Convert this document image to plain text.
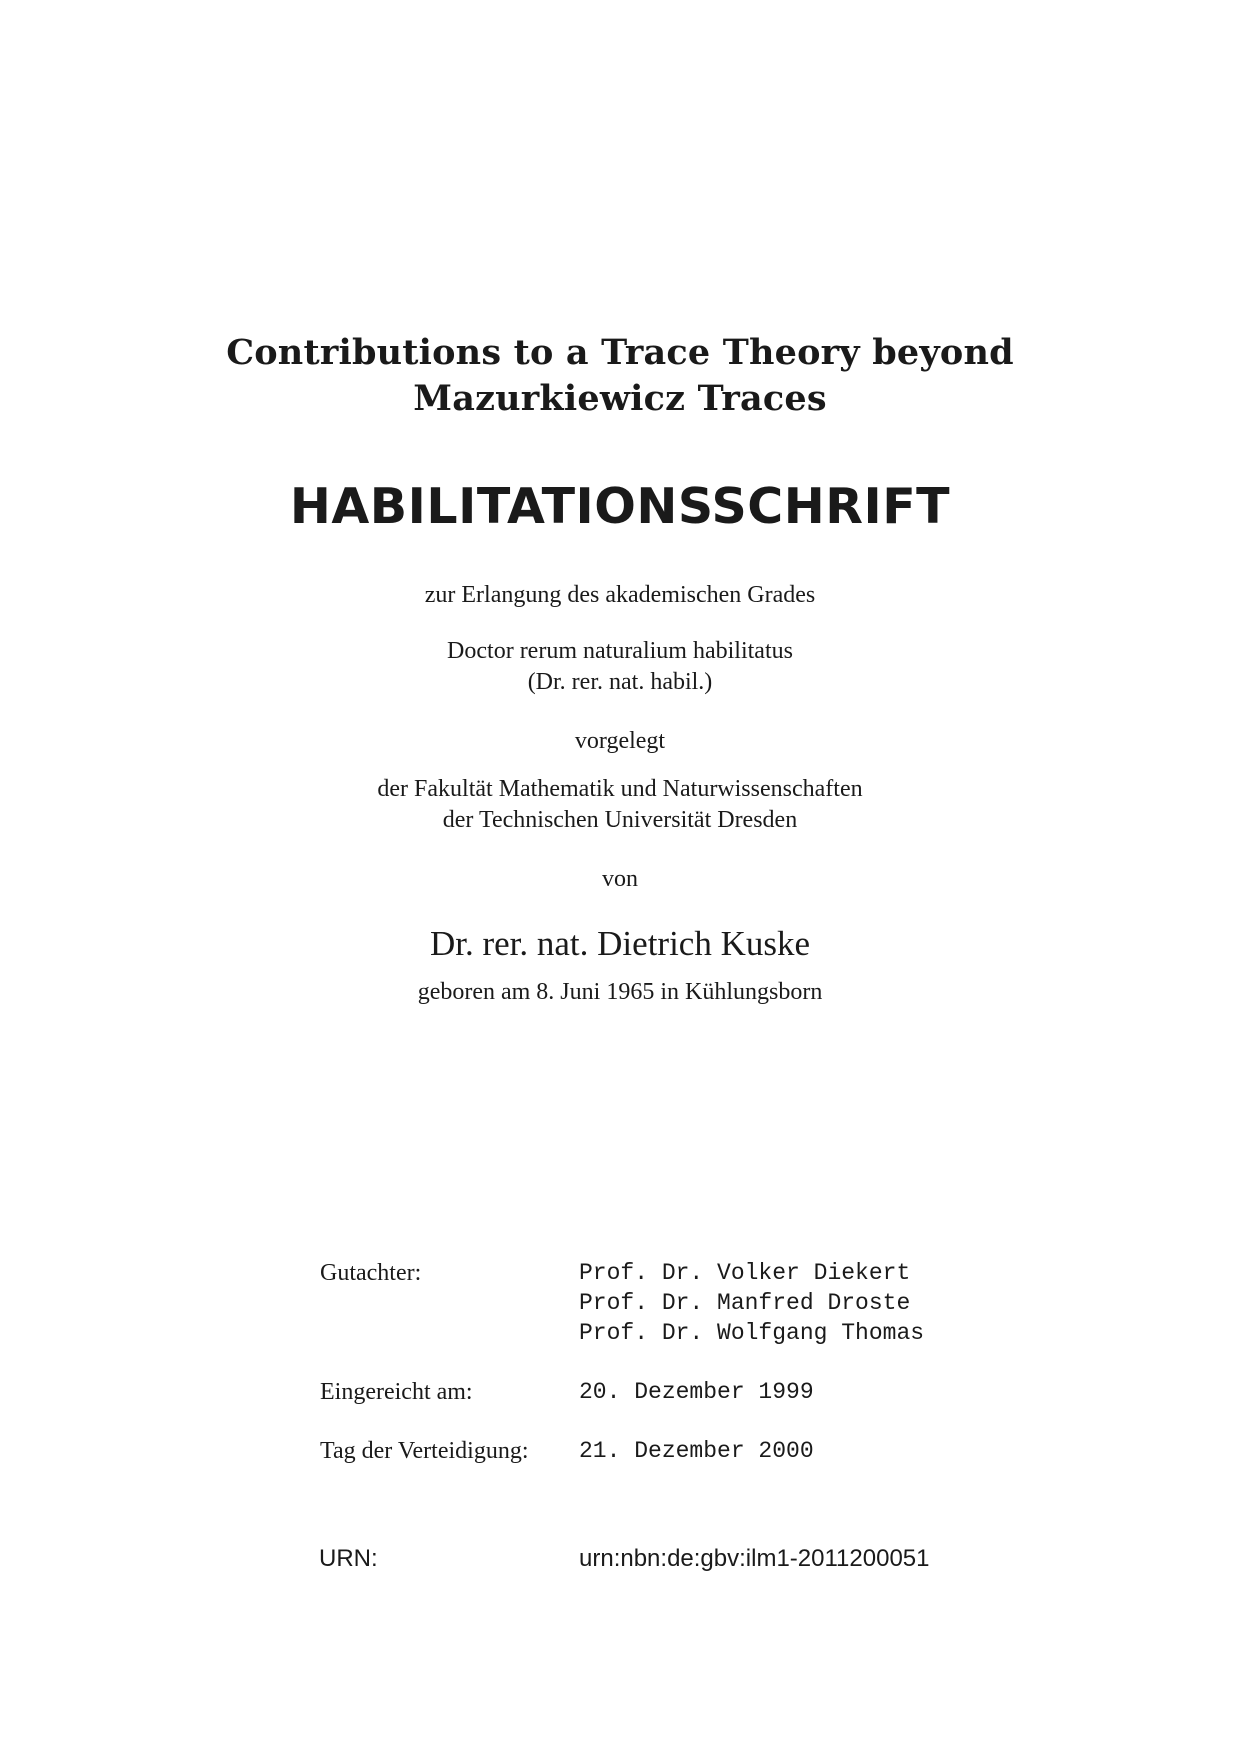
Contributions to a Trace Theory beyond
Mazurkiewicz Traces
HABILITATIONSSCHRIFT
zur Erlangung des akademischen Grades
Doctor rerum naturalium habilitatus
(Dr. rer. nat. habil.)
vorgelegt
der Fakultät Mathematik und Naturwissenschaften
der Technischen Universität Dresden
von
Dr. rer. nat. Dietrich Kuske
geboren am 8. Juni 1965 in Kühlungsborn
Gutachter:	Prof. Dr. Volker Diekert
Prof. Dr. Manfred Droste
Prof. Dr. Wolfgang Thomas
Eingereicht am:	20. Dezember 1999
Tag der Verteidigung: 21. Dezember 2000
URN:	urn:nbn:de:gbv:ilm1-2011200051
